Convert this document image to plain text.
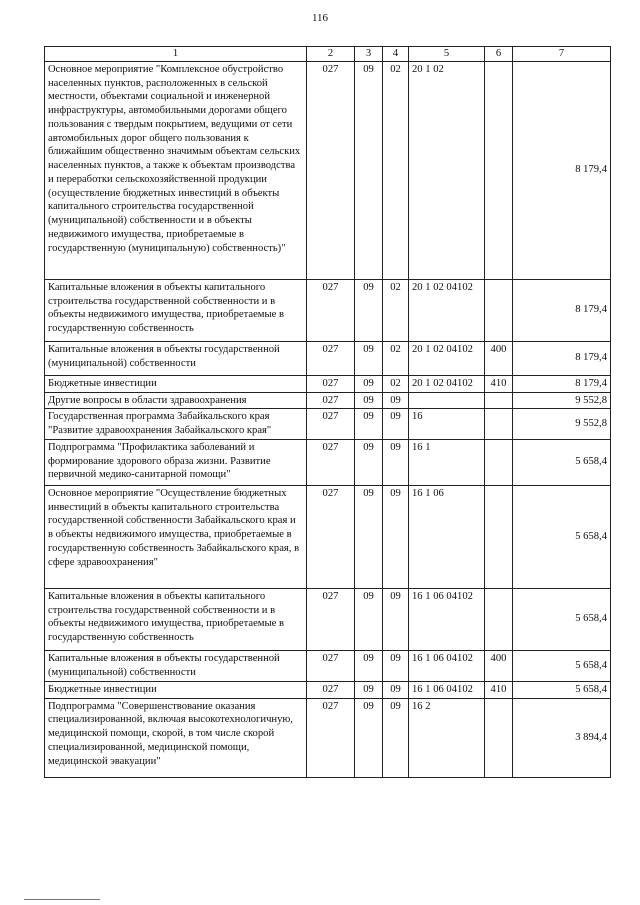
116
1	2	3	4	5	6	7
Основное мероприятие "Комплексное обустройство населенных пунктов, расположенных в сельской местности, объектами социальной и инженерной инфраструктуры, автомобильными дорогами общего пользования с твердым покрытием, ведущими от сети автомобильных дорог общего пользования к ближайшим общественно значимым объектам сельских населенных пунктов, а также к объектам производства и переработки сельскохозяйственной продукции (осуществление бюджетных инвестиций в объекты капитального строительства государственной (муниципальной) собственности и в объекты недвижимого имущества, приобретаемые в государственную (муниципальную) собственность)"	027	09	02	20 1 02		8 179,4
Капитальные вложения в объекты капитального строительства государственной собственности и в объекты недвижимого имущества, приобретаемые в государственную собственность	027	09	02	20 1 02 04102		8 179,4
Капитальные вложения в объекты государственной (муниципальной) собственности	027	09	02	20 1 02 04102	400	8 179,4
Бюджетные инвестиции	027	09	02	20 1 02 04102	410	8 179,4
Другие вопросы в области здравоохранения	027	09	09			9 552,8
Государственная программа Забайкальского края "Развитие здравоохранения Забайкальского края"	027	09	09	16		9 552,8
Подпрограмма "Профилактика заболеваний и формирование здорового образа жизни. Развитие первичной медико-санитарной помощи"	027	09	09	16 1		5 658,4
Основное мероприятие "Осуществление бюджетных инвестиций в объекты капитального строительства государственной собственности Забайкальского края и в объекты недвижимого имущества, приобретаемые в государственную собственность Забайкальского края, в сфере здравоохранения"	027	09	09	16 1 06		5 658,4
Капитальные вложения в объекты капитального строительства государственной собственности и в объекты недвижимого имущества, приобретаемые в государственную собственность	027	09	09	16 1 06 04102		5 658,4
Капитальные вложения в объекты государственной (муниципальной) собственности	027	09	09	16 1 06 04102	400	5 658,4
Бюджетные инвестиции	027	09	09	16 1 06 04102	410	5 658,4
Подпрограмма "Совершенствование оказания специализированной, включая высокотехнологичную, медицинской помощи, скорой, в том числе скорой специализированной, медицинской помощи, медицинской эвакуации"	027	09	09	16 2		3 894,4
